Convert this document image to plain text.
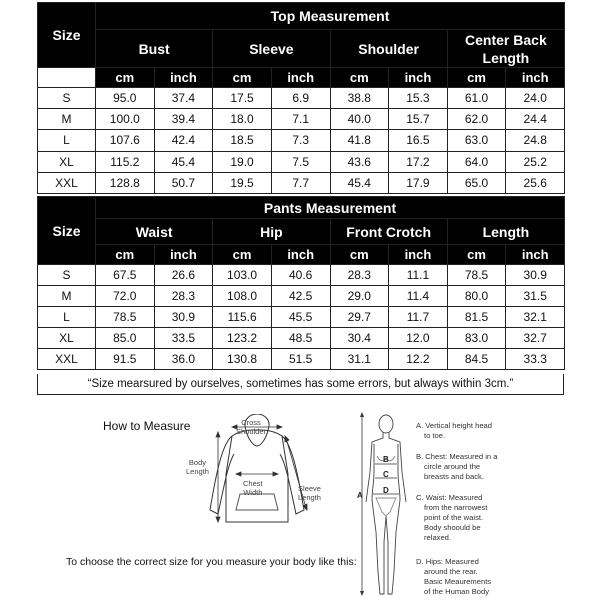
Size	Top Measurement							
	Bust		Sleeve		Shoulder		Center Back Length	
	cm	inch	cm	inch	cm	inch	cm	inch
S	95.0	37.4	17.5	6.9	38.8	15.3	61.0	24.0
M	100.0	39.4	18.0	7.1	40.0	15.7	62.0	24.4
L	107.6	42.4	18.5	7.3	41.8	16.5	63.0	24.8
XL	115.2	45.4	19.0	7.5	43.6	17.2	64.0	25.2
XXL	128.8	50.7	19.5	7.7	45.4	17.9	65.0	25.6
Size	Pants Measurement							
	Waist		Hip		Front Crotch		Length	
	cm	inch	cm	inch	cm	inch	cm	inch
S	67.5	26.6	103.0	40.6	28.3	11.1	78.5	30.9
M	72.0	28.3	108.0	42.5	29.0	11.4	80.0	31.5
L	78.5	30.9	115.6	45.5	29.7	11.7	81.5	32.1
XL	85.0	33.5	123.2	48.5	30.4	12.0	83.0	32.7
XXL	91.5	36.0	130.8	51.5	31.1	12.2	84.5	33.3
“Size mearsured by ourselves, sometimes has some errors, but always within 3cm.”
How to Measure	Cross
Shoulder
Body
Length
Chest
Width	Sleeve
Length
To choose the correct size for you measure your body like this:
A
B
C
D
A. Vertical height head
to toe.
B. Chest: Measured in a
circle around the
breasts and back.
C. Waist: Measured
from the narrowest
point of the waist.
Body shoould be
relaxed.
D. Hips: Measured
around the rear.
Basic Meaurements
of the Human Body
